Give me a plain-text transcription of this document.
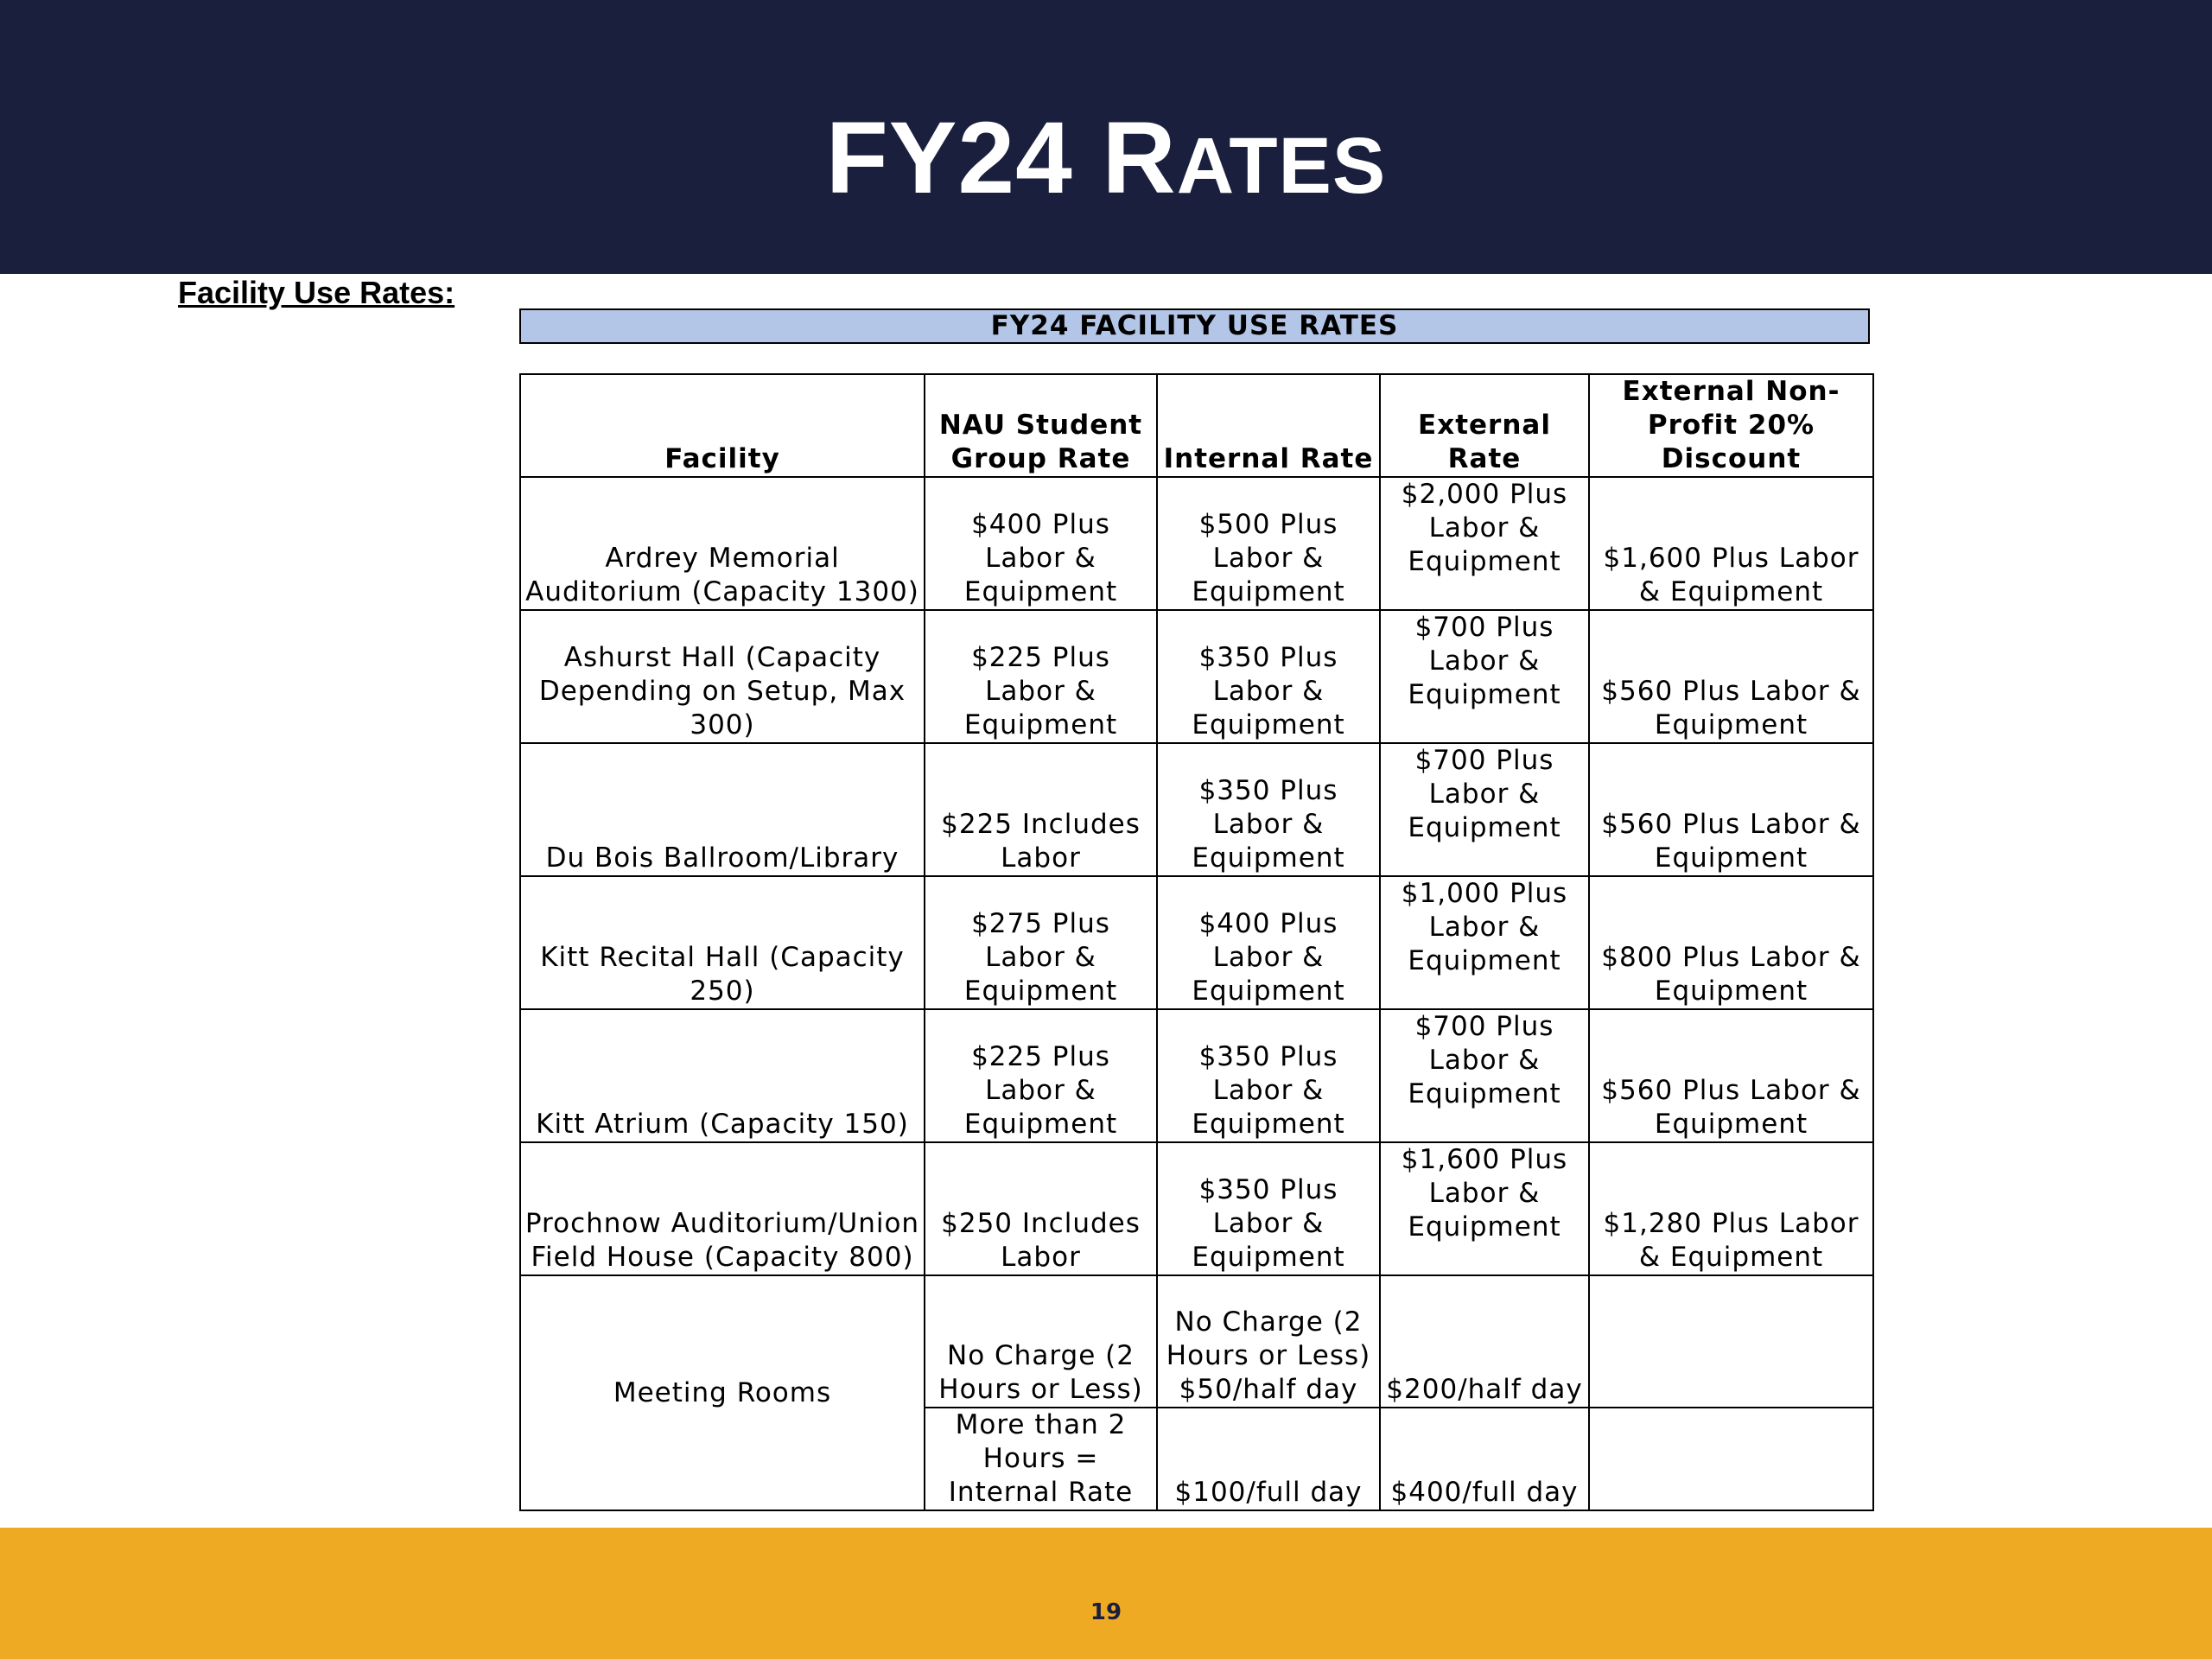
FY24 RATES
Facility Use Rates:
FY24 FACILITY USE RATES
Facility	NAU Student Group Rate	Internal Rate	External Rate	External Non-Profit 20% Discount
Ardrey Memorial Auditorium (Capacity 1300)	$400 Plus Labor & Equipment	$500 Plus Labor & Equipment	$2,000 Plus Labor & Equipment	$1,600 Plus Labor & Equipment
Ashurst Hall (Capacity Depending on Setup, Max 300)	$225 Plus Labor & Equipment	$350 Plus Labor & Equipment	$700 Plus Labor & Equipment	$560 Plus Labor & Equipment
Du Bois Ballroom/Library	$225 Includes Labor	$350 Plus Labor & Equipment	$700 Plus Labor & Equipment	$560 Plus Labor & Equipment
Kitt Recital Hall (Capacity 250)	$275 Plus Labor & Equipment	$400 Plus Labor & Equipment	$1,000 Plus Labor & Equipment	$800 Plus Labor & Equipment
Kitt Atrium (Capacity 150)	$225 Plus Labor & Equipment	$350 Plus Labor & Equipment	$700 Plus Labor & Equipment	$560 Plus Labor & Equipment
Prochnow Auditorium/Union Field House (Capacity 800)	$250 Includes Labor	$350 Plus Labor & Equipment	$1,600 Plus Labor & Equipment	$1,280 Plus Labor & Equipment
Meeting Rooms	No Charge (2 Hours or Less)	No Charge (2 Hours or Less) $50/half day	$200/half day	
	More than 2 Hours = Internal Rate	$100/full day	$400/full day	
19
